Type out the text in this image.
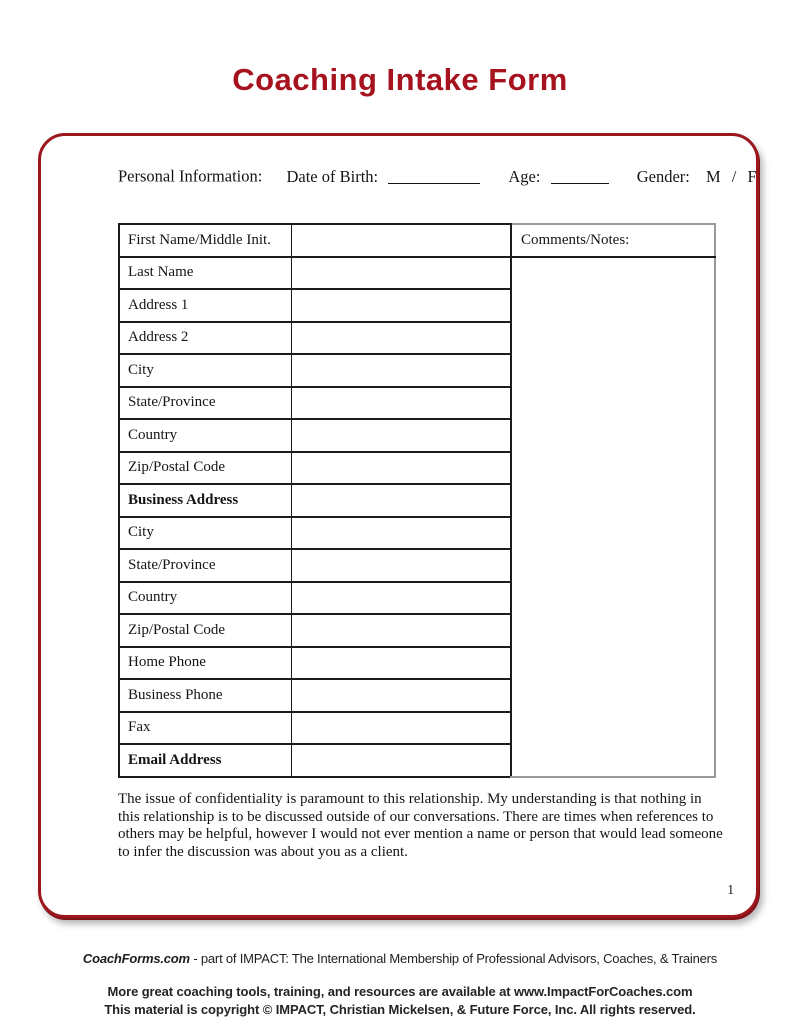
Coaching Intake Form
Personal Information: Date of Birth:	Age:	Gender: M / F
First Name/Middle Init.		Comments/Notes:
Last Name		
Address 1		
Address 2		
City		
State/Province		
Country		
Zip/Postal Code		
Business Address		
City		
State/Province		
Country		
Zip/Postal Code		
Home Phone		
Business Phone		
Fax		
Email Address		

The issue of confidentiality is paramount to this relationship. My understanding is that nothing in this relationship is to be discussed outside of our conversations. There are times when references to others may be helpful, however I would not ever mention a name or person that would lead someone to infer the discussion was about you as a client.

1
CoachForms.com - part of IMPACT: The International Membership of Professional Advisors, Coaches, & Trainers
More great coaching tools, training, and resources are available at www.ImpactForCoaches.com
This material is copyright © IMPACT, Christian Mickelsen, & Future Force, Inc. All rights reserved.
